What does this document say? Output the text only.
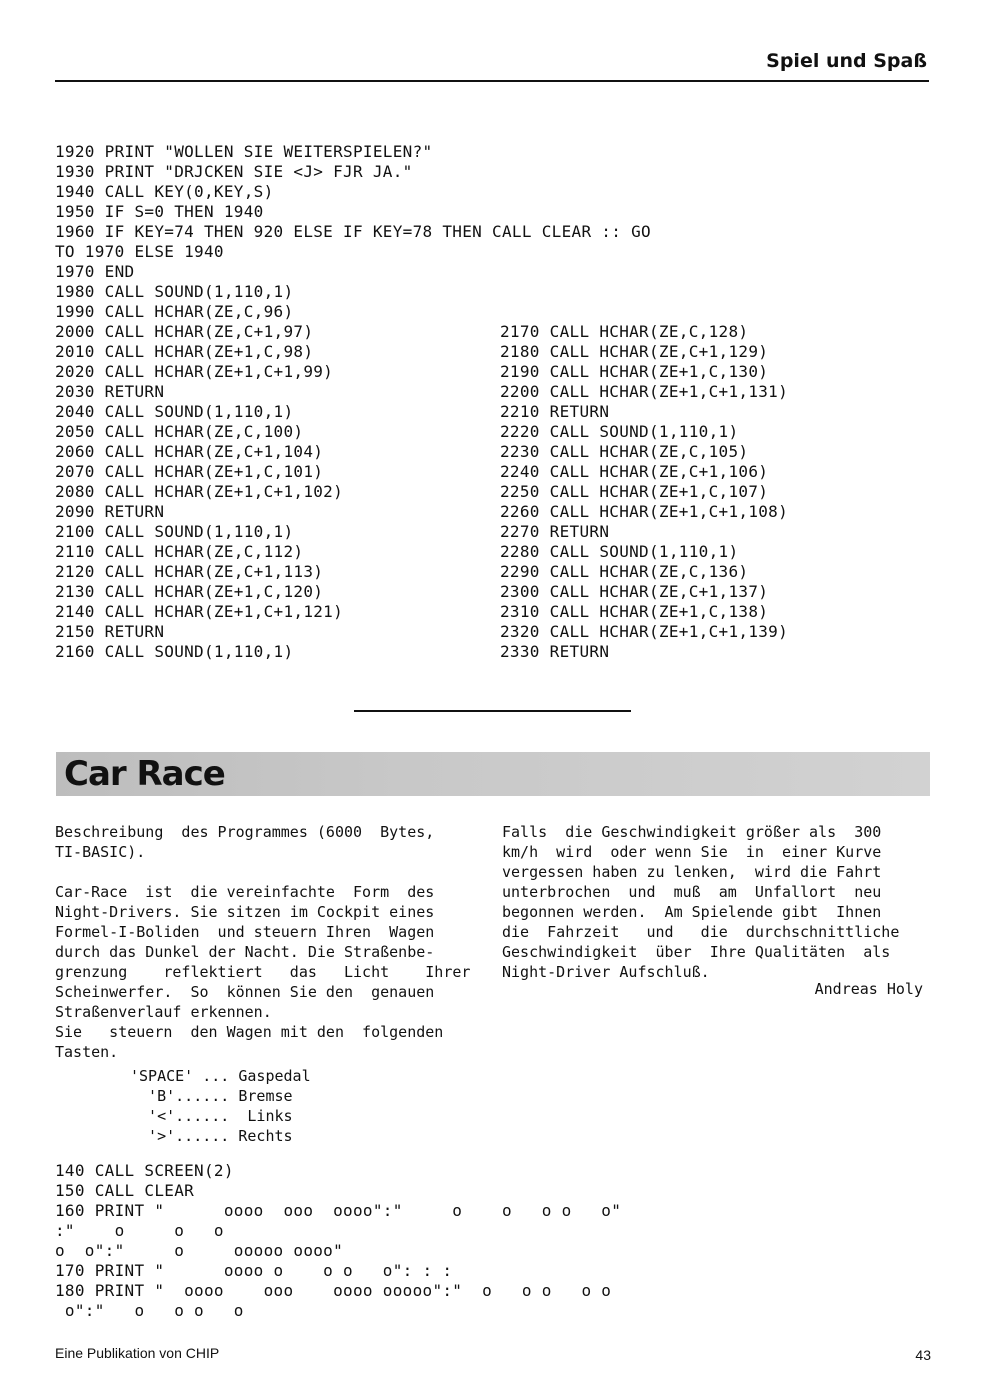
Spiel und Spaß
1920 PRINT "WOLLEN SIE WEITERSPIELEN?"
1930 PRINT "DRJCKEN SIE <J> FJR JA."
1940 CALL KEY(0,KEY,S)
1950 IF S=0 THEN 1940
1960 IF KEY=74 THEN 920 ELSE IF KEY=78 THEN CALL CLEAR :: GO
TO 1970 ELSE 1940
1970 END
1980 CALL SOUND(1,110,1)
1990 CALL HCHAR(ZE,C,96)
2000 CALL HCHAR(ZE,C+1,97)
2010 CALL HCHAR(ZE+1,C,98)
2020 CALL HCHAR(ZE+1,C+1,99)
2030 RETURN
2040 CALL SOUND(1,110,1)
2050 CALL HCHAR(ZE,C,100)
2060 CALL HCHAR(ZE,C+1,104)
2070 CALL HCHAR(ZE+1,C,101)
2080 CALL HCHAR(ZE+1,C+1,102)
2090 RETURN
2100 CALL SOUND(1,110,1)
2110 CALL HCHAR(ZE,C,112)
2120 CALL HCHAR(ZE,C+1,113)
2130 CALL HCHAR(ZE+1,C,120)
2140 CALL HCHAR(ZE+1,C+1,121)
2150 RETURN
2160 CALL SOUND(1,110,1)
2170 CALL HCHAR(ZE,C,128)
2180 CALL HCHAR(ZE,C+1,129)
2190 CALL HCHAR(ZE+1,C,130)
2200 CALL HCHAR(ZE+1,C+1,131)
2210 RETURN
2220 CALL SOUND(1,110,1)
2230 CALL HCHAR(ZE,C,105)
2240 CALL HCHAR(ZE,C+1,106)
2250 CALL HCHAR(ZE+1,C,107)
2260 CALL HCHAR(ZE+1,C+1,108)
2270 RETURN
2280 CALL SOUND(1,110,1)
2290 CALL HCHAR(ZE,C,136)
2300 CALL HCHAR(ZE,C+1,137)
2310 CALL HCHAR(ZE+1,C,138)
2320 CALL HCHAR(ZE+1,C+1,139)
2330 RETURN
Car Race

Beschreibung  des Programmes (6000  Bytes,

TI-BASIC).

Car-Race  ist  die vereinfachte  Form  des

Night-Drivers. Sie sitzen im Cockpit eines

Formel-I-Boliden  und steuern Ihren  Wagen

durch das Dunkel der Nacht. Die Straßenbe-

grenzung    reflektiert   das   Licht    Ihrer

Scheinwerfer.  So  können Sie den  genauen

Straßenverlauf erkennen.

Sie   steuern  den Wagen mit den  folgenden

Tasten.

'SPACE' ... Gaspedal

'B'...... Bremse

'<'......  Links

'>'...... Rechts

Falls  die Geschwindigkeit größer als  300

km/h  wird  oder wenn Sie  in  einer Kurve

vergessen haben zu lenken,  wird die Fahrt

unterbrochen  und  muß  am  Unfallort  neu

begonnen werden.  Am Spielende gibt  Ihnen

die  Fahrzeit   und   die  durchschnittliche

Geschwindigkeit  über  Ihre Qualitäten  als

Night-Driver Aufschluß.

Andreas Holy
140 CALL SCREEN(2)
150 CALL CLEAR
160 PRINT "      oooo  ooo  oooo":"     o    o   o o   o"
:"    o     o   o
o  o":"     o     ooooo oooo"
170 PRINT "      oooo o    o o   o": : :
180 PRINT "  oooo    ooo    oooo ooooo":"  o   o o   o o
o":"   o   o o   o
Eine Publikation von CHIP	43
